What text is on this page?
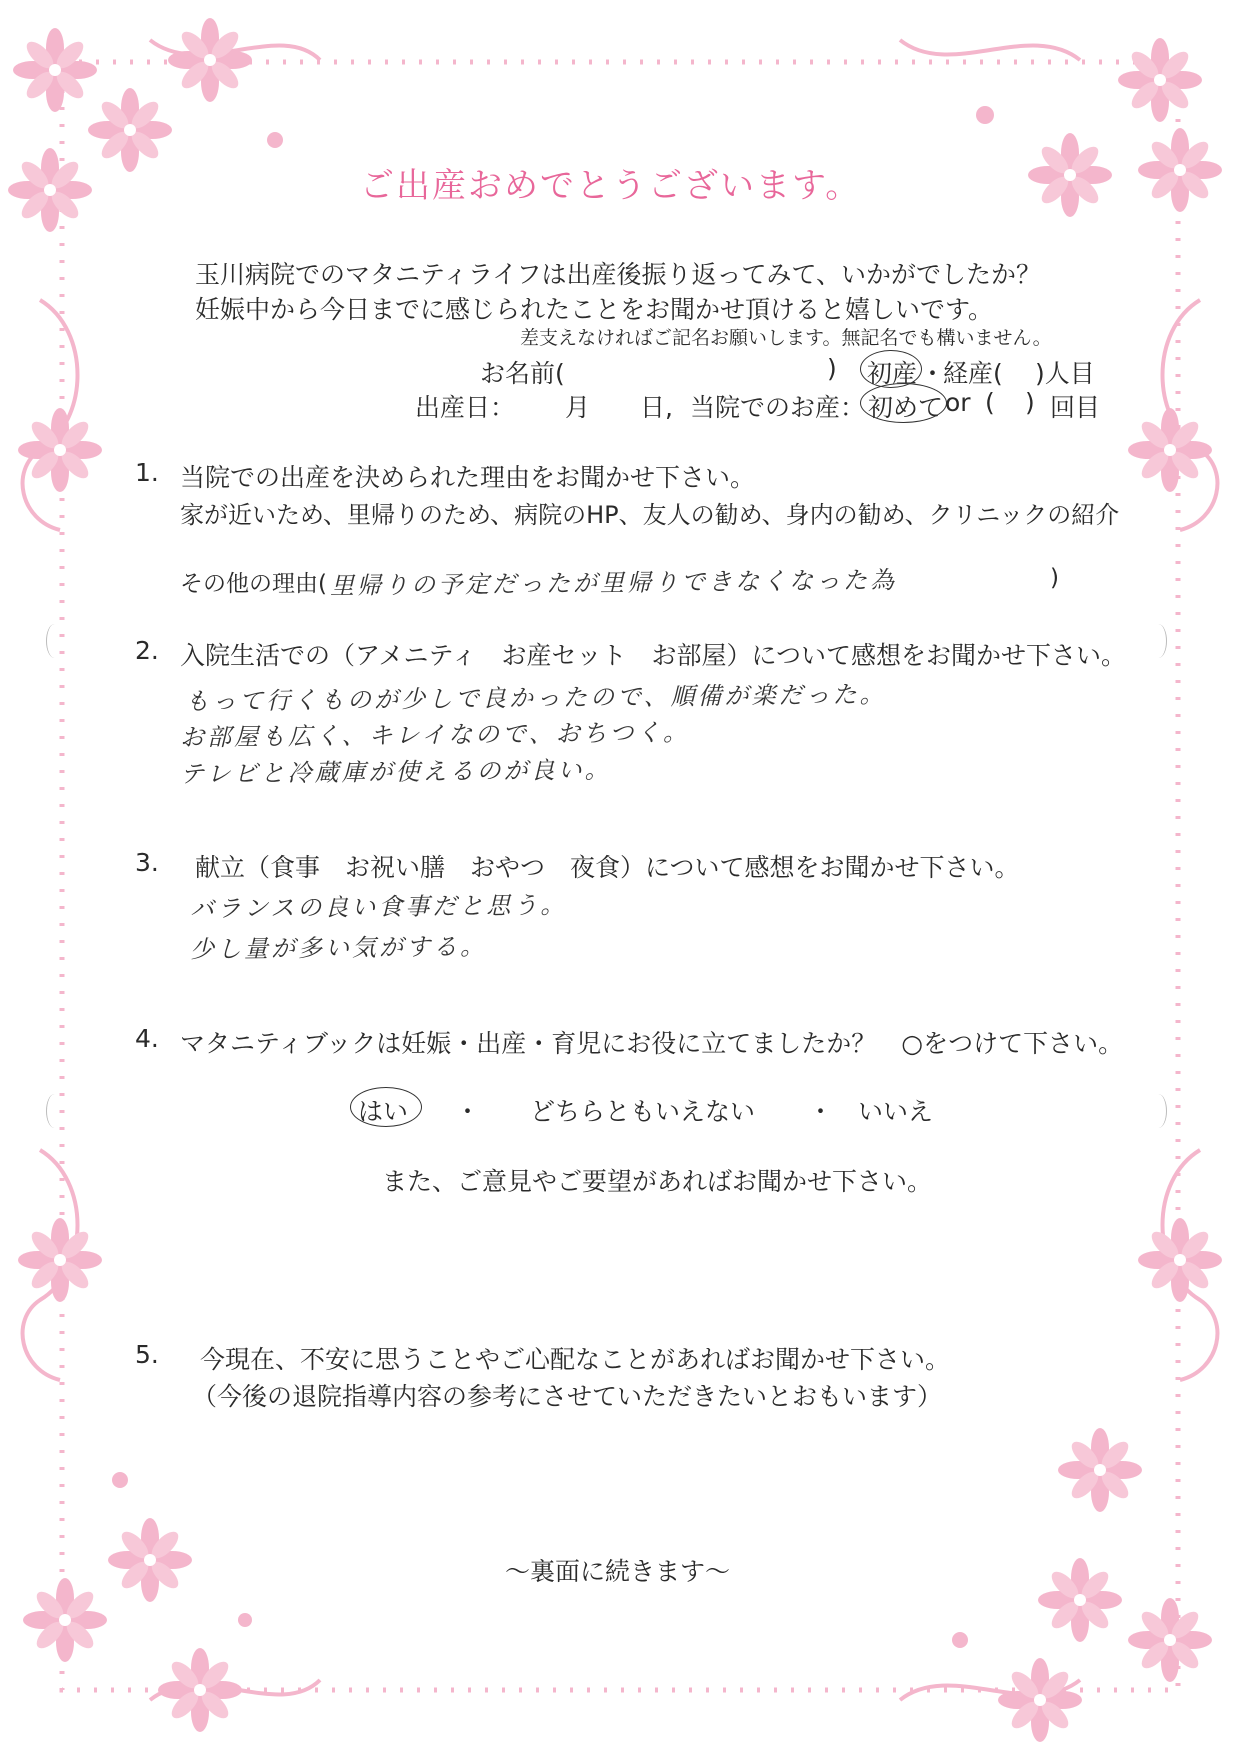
ご出産おめでとうございます。
玉川病院でのマタニティライフは出産後振り返ってみて、いかがでしたか？
妊娠中から今日までに感じられたことをお聞かせ頂けると嬉しいです。
差支えなければご記名お願いします。無記名でも構いません。
お名前(	) 初産 ・
経産( )人目
出産日： 月 日, 当院でのお産： 初めて or ( ) 回目
1. 当院での出産を決められた理由をお聞かせ下さい。
家が近いため、里帰りのため、病院のHP、友人の勧め、身内の勧め、クリニックの紹介
その他の理由( 里帰りの予定だったが里帰りできなくなった為	)
2. 入院生活での（アメニティ　お産セット　お部屋）について感想をお聞かせ下さい。
もって行くものが少しで良かったので、順備が楽だった。
お部屋も広く、キレイなので、おちつく。
テレビと冷蔵庫が使えるのが良い。
3. 献立（食事　お祝い膳　おやつ　夜食）について感想をお聞かせ下さい。
バランスの良い食事だと思う。
少し量が多い気がする。
4. マタニティブックは妊娠・出産・育児にお役に立てましたか？　○をつけて下さい。
はい ・ どちらともいえない ・ いいえ
また、ご意見やご要望があればお聞かせ下さい。
5. 今現在、不安に思うことやご心配なことがあればお聞かせ下さい。
（今後の退院指導内容の参考にさせていただきたいとおもいます）
～裏面に続きます～
